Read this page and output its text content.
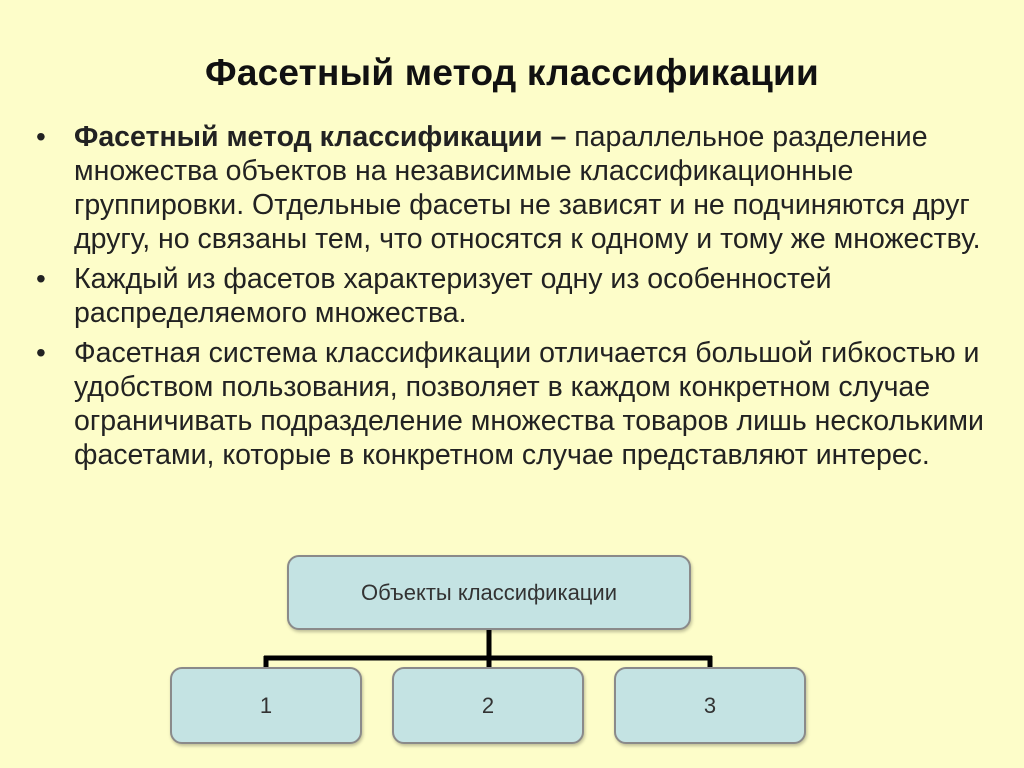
Фасетный метод классификации
• Фасетный метод классификации – параллельное разделение множества объектов на независимые классификационные группировки. Отдельные фасеты не зависят и не подчиняются друг другу, но связаны тем, что относятся к одному и тому же множеству.
• Каждый из фасетов характеризует одну из особенностей распределяемого множества.
• Фасетная система классификации отличается большой гибкостью и удобством пользования, позволяет в каждом конкретном случае ограничивать подразделение множества товаров лишь несколькими фасетами, которые в конкретном случае представляют интерес.
Объекты классификации
1	2	3
